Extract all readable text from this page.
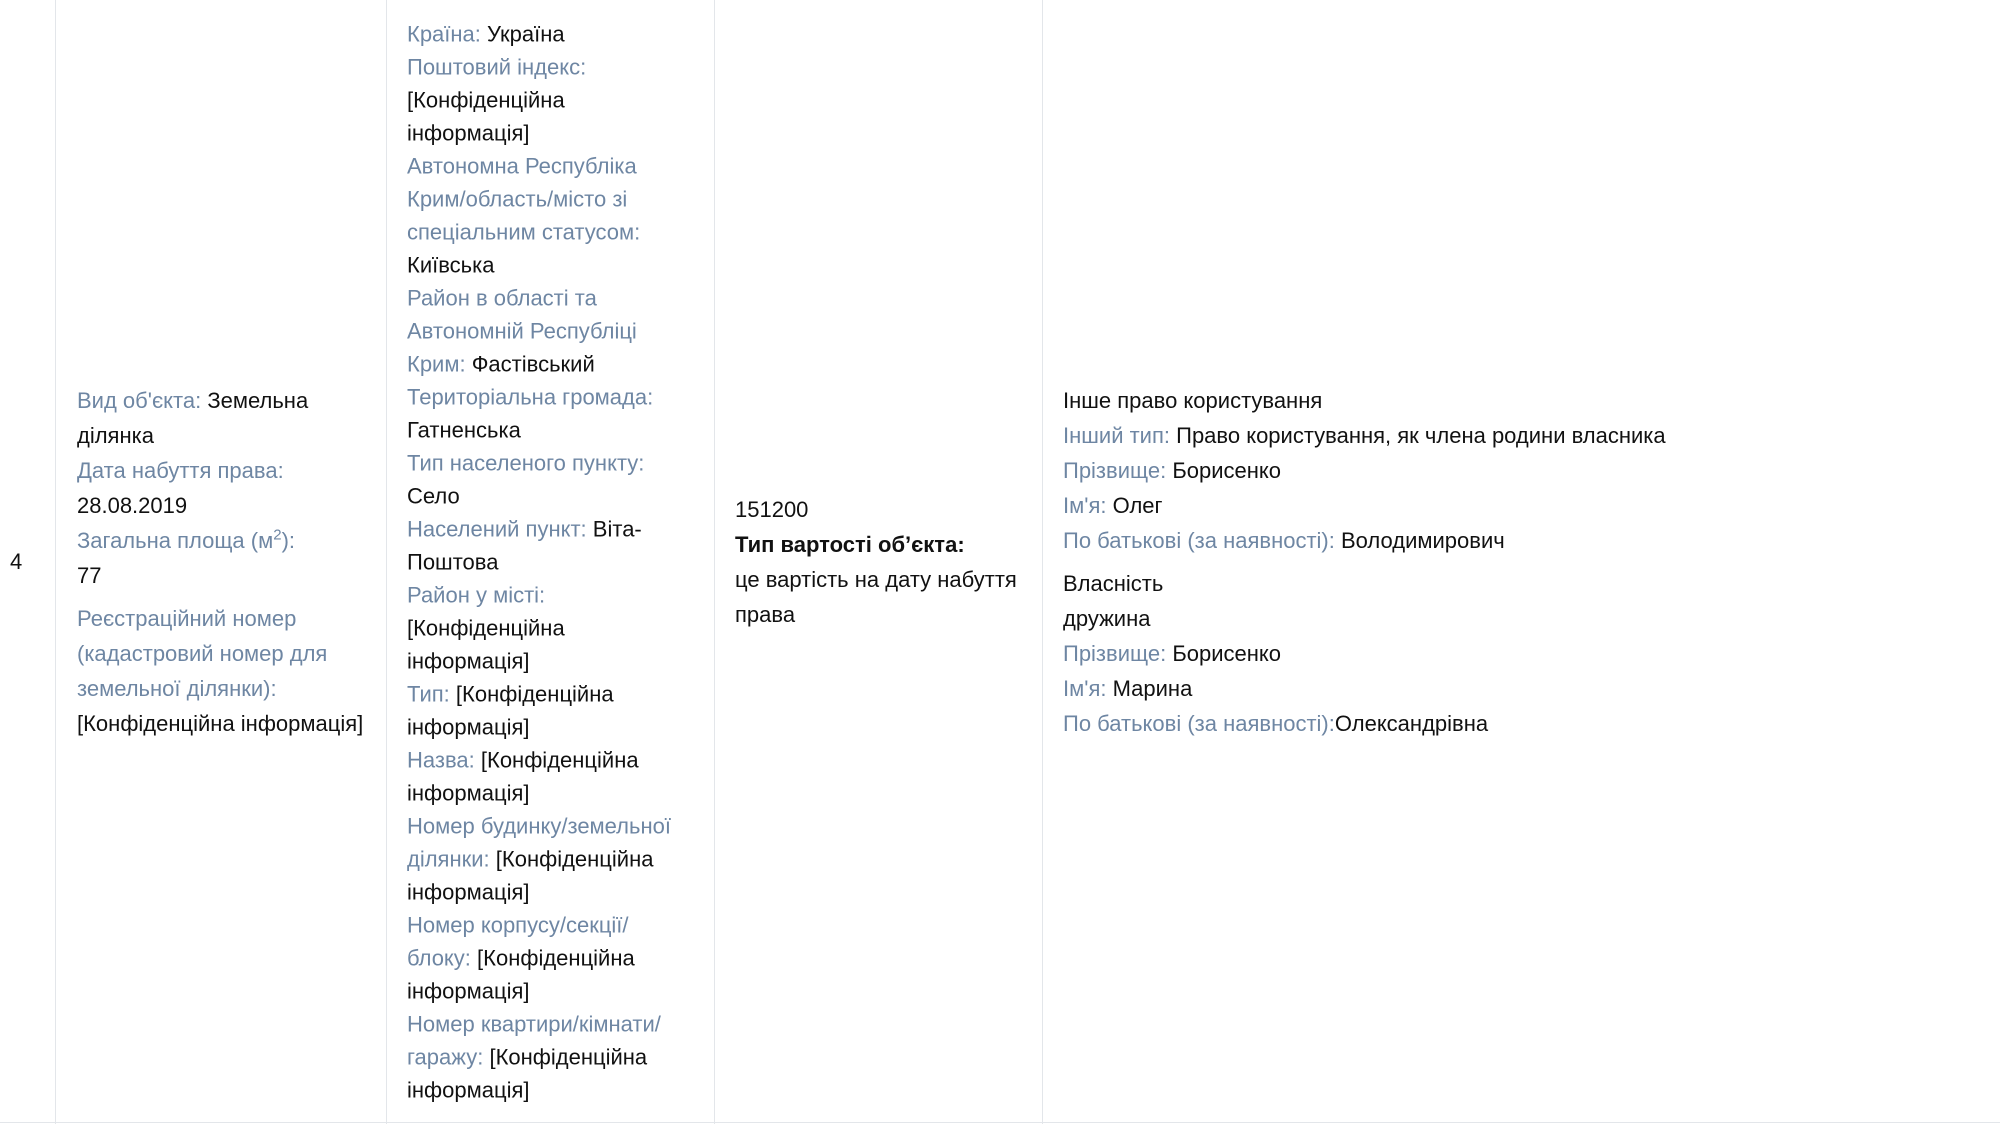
4

Вид об'єкта: Земельна ділянка

Дата набуття права:
28.08.2019

Загальна площа $(м^2)$:
77

Реєстраційний номер (кадастровий номер для земельної ділянки):
[Конфіденційна інформація]

Країна: Україна

Поштовий індекс:
[Конфіденційна інформація]

Автономна Республіка Крим/область/місто зі спеціальним статусом:
Київська

Район в області та Автономній Республіці Крим: Фастівський

Територіальна громада:
Гатненська

Тип населеного пункту:
Село

Населений пункт: Віта-Поштова

Район у місті:
[Конфіденційна інформація]

Тип: [Конфіденційна інформація]

Назва: [Конфіденційна інформація]

Номер будинку/земельної ділянки: [Конфіденційна інформація]

Номер корпусу/секції/блоку: [Конфіденційна інформація]

Номер квартири/кімнати/гаражу: [Конфіденційна інформація]

151200

Тип вартості об’єкта:

це вартість на дату набуття права

Інше право користування

Інший тип: Право користування, як члена родини власника

Прізвище: Борисенко

Ім'я: Олег

По батькові (за наявності): Володимирович

Власність

дружина

Прізвище: Борисенко

Ім'я: Марина

По батькові (за наявності):Олександрівна
